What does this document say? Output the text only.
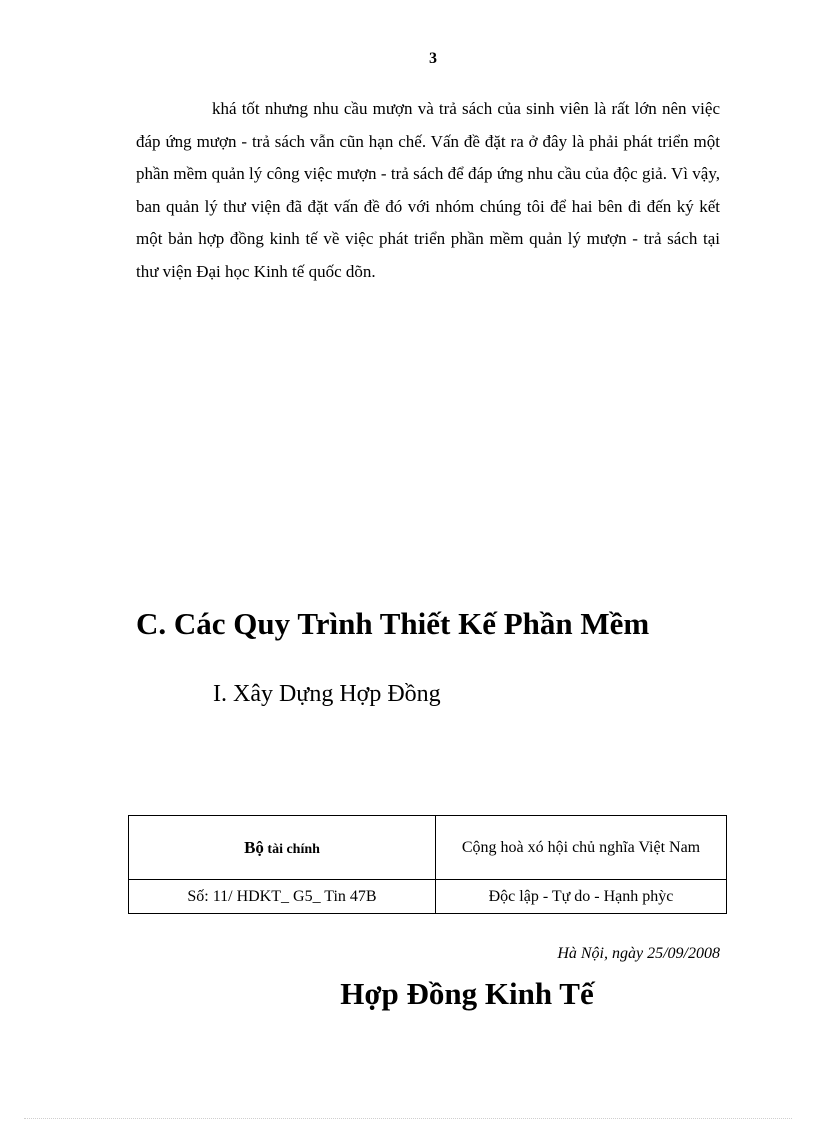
3

khá tốt nhưng nhu cầu mượn và trả sách của sinh viên là rất lớn nên việc đáp ứng mượn - trả sách vẫn cũn hạn chế. Vấn đề đặt ra ở đây là phải phát triển một phần mềm quản lý công việc mượn - trả sách để đáp ứng nhu cầu của độc giả. Vì vậy, ban quản lý thư viện đã đặt vấn đề đó với nhóm chúng tôi để hai bên đi đến ký kết một bản hợp đồng kinh tế về việc phát triển phần mềm quản lý mượn - trả sách tại thư viện Đại học Kinh tế quốc dõn.

C. Các Quy Trình Thiết Kế Phần Mềm
I. Xây Dựng Hợp Đồng
Bộ tài chính	Cộng hoà xó hội chủ nghĩa Việt Nam
Số: 11/ HDKT_ G5_ Tin 47B	Độc lập - Tự do - Hạnh phỳc
Hà Nội, ngày 25/09/2008
Hợp Đồng Kinh Tế
